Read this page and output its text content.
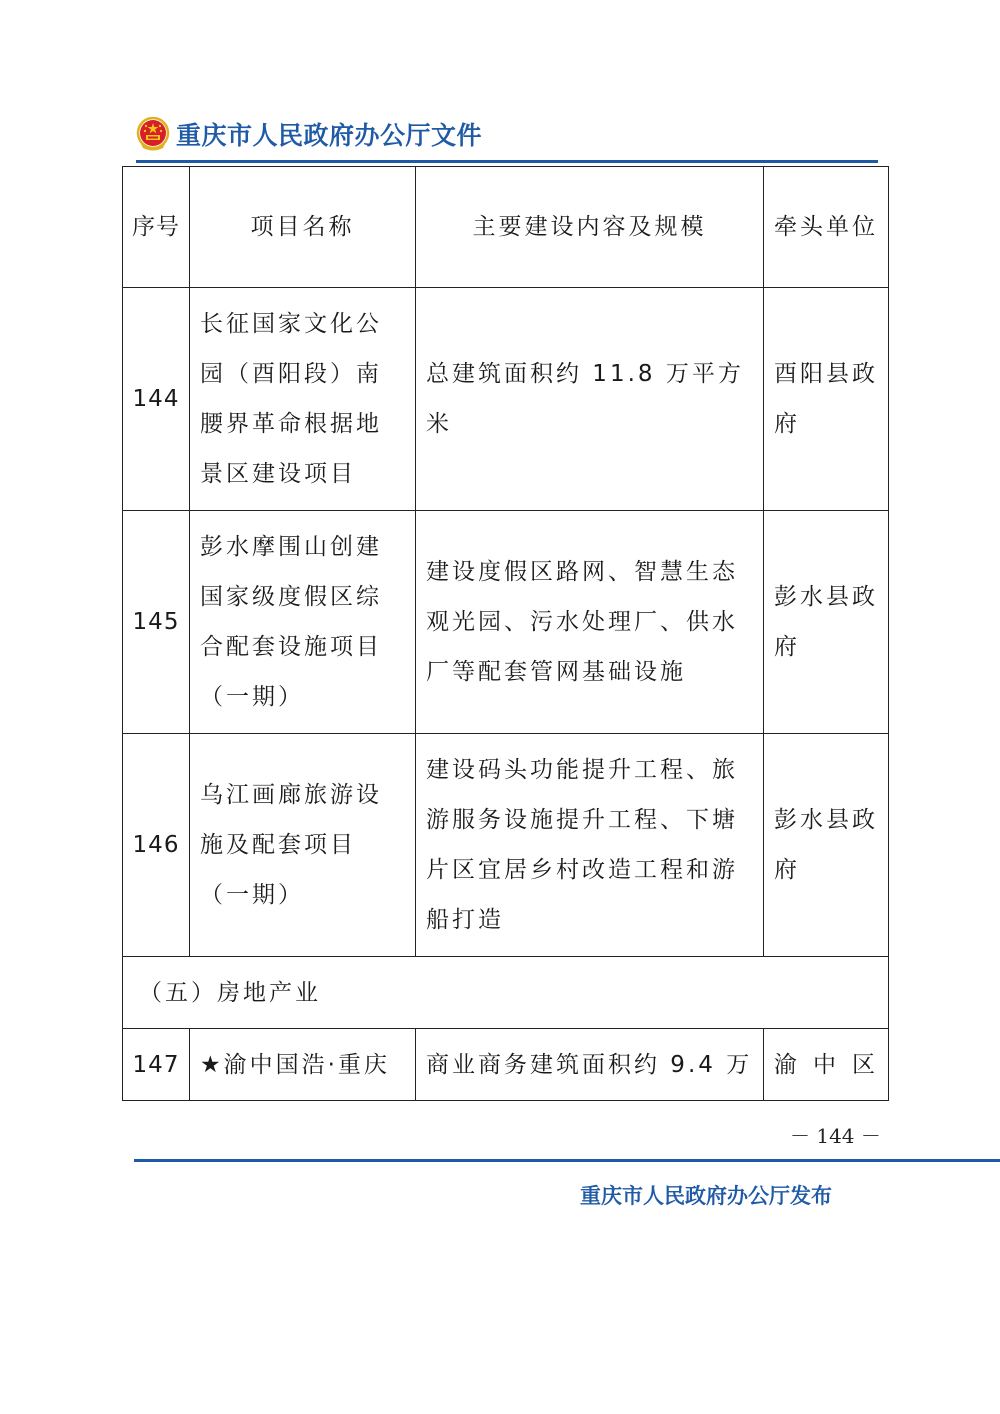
重庆市人民政府办公厅文件
序号	项目名称	主要建设内容及规模	牵头单位
144	长征国家文化公园（酉阳段）南腰界革命根据地景区建设项目	总建筑面积约 11.8 万平方米	酉阳县政府
145	彭水摩围山创建国家级度假区综合配套设施项目（一期）	建设度假区路网、智慧生态观光园、污水处理厂、供水厂等配套管网基础设施	彭水县政府
146	乌江画廊旅游设施及配套项目（一期）	建设码头功能提升工程、旅游服务设施提升工程、下塘片区宜居乡村改造工程和游船打造	彭水县政府
（五）房地产业			
147	★渝中国浩·重庆	商业商务建筑面积约 9.4 万	渝中区
－ 144 －
重庆市人民政府办公厅发布
